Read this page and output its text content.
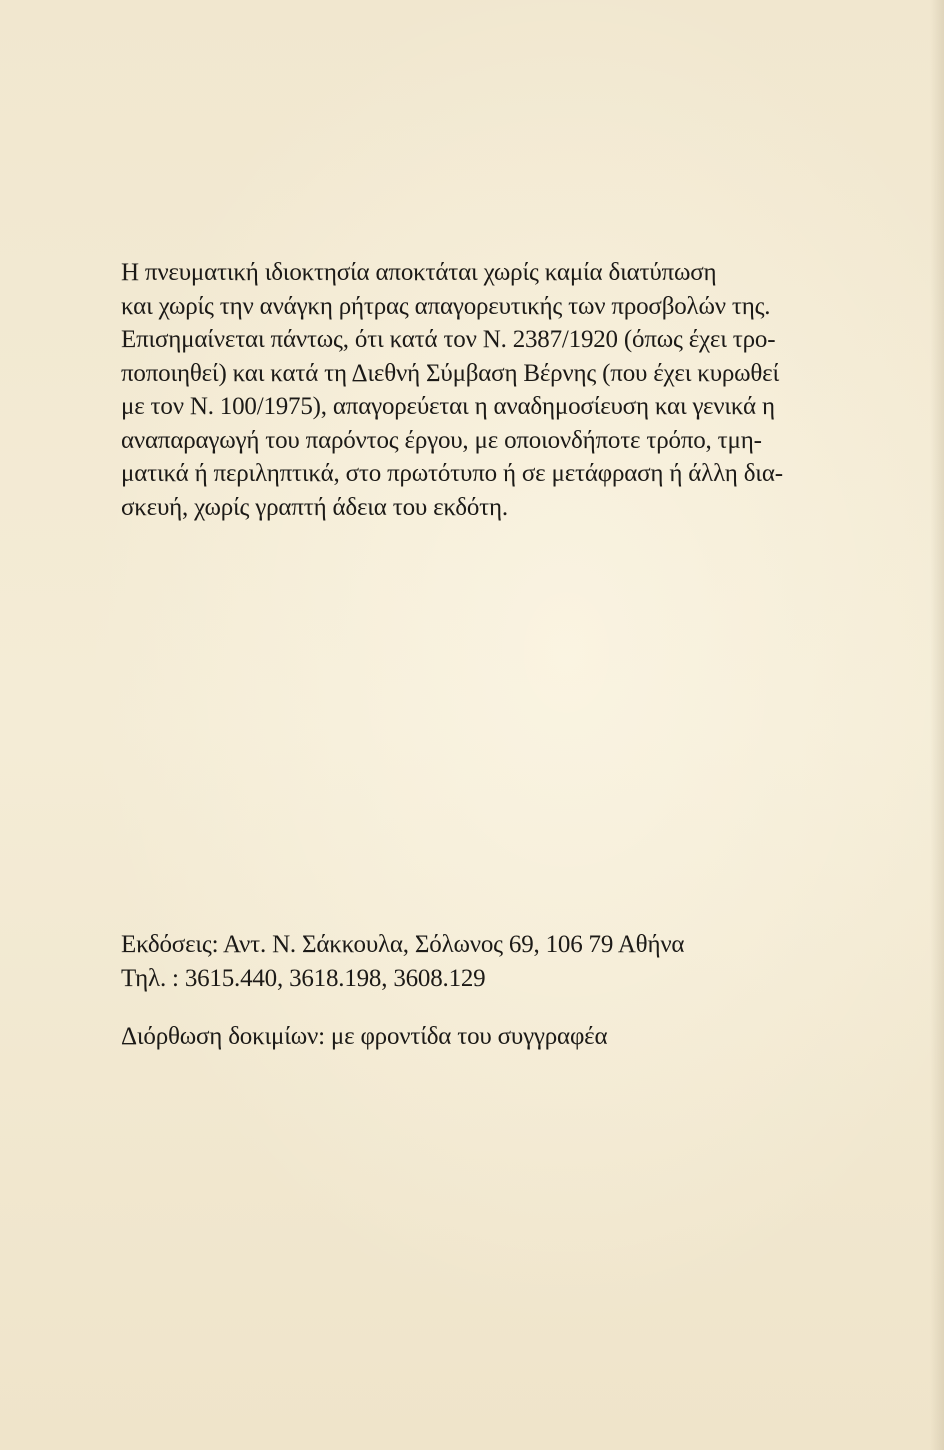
Η πνευματική ιδιοκτησία αποκτάται χωρίς καμία διατύπωση
και χωρίς την ανάγκη ρήτρας απαγορευτικής των προσβολών της.
Επισημαίνεται πάντως, ότι κατά τον Ν. 2387/1920 (όπως έχει τρο-
ποποιηθεί) και κατά τη Διεθνή Σύμβαση Βέρνης (που έχει κυρωθεί
με τον Ν. 100/1975), απαγορεύεται η αναδημοσίευση και γενικά η
αναπαραγωγή του παρόντος έργου, με οποιονδήποτε τρόπο, τμη-
ματικά ή περιληπτικά, στο πρωτότυπο ή σε μετάφραση ή άλλη δια-
σκευή, χωρίς γραπτή άδεια του εκδότη.

Εκδόσεις: Αντ. Ν. Σάκκουλα, Σόλωνος 69, 106 79 Αθήνα
Τηλ. : 3615.440, 3618.198, 3608.129
Διόρθωση δοκιμίων: με φροντίδα του συγγραφέα
